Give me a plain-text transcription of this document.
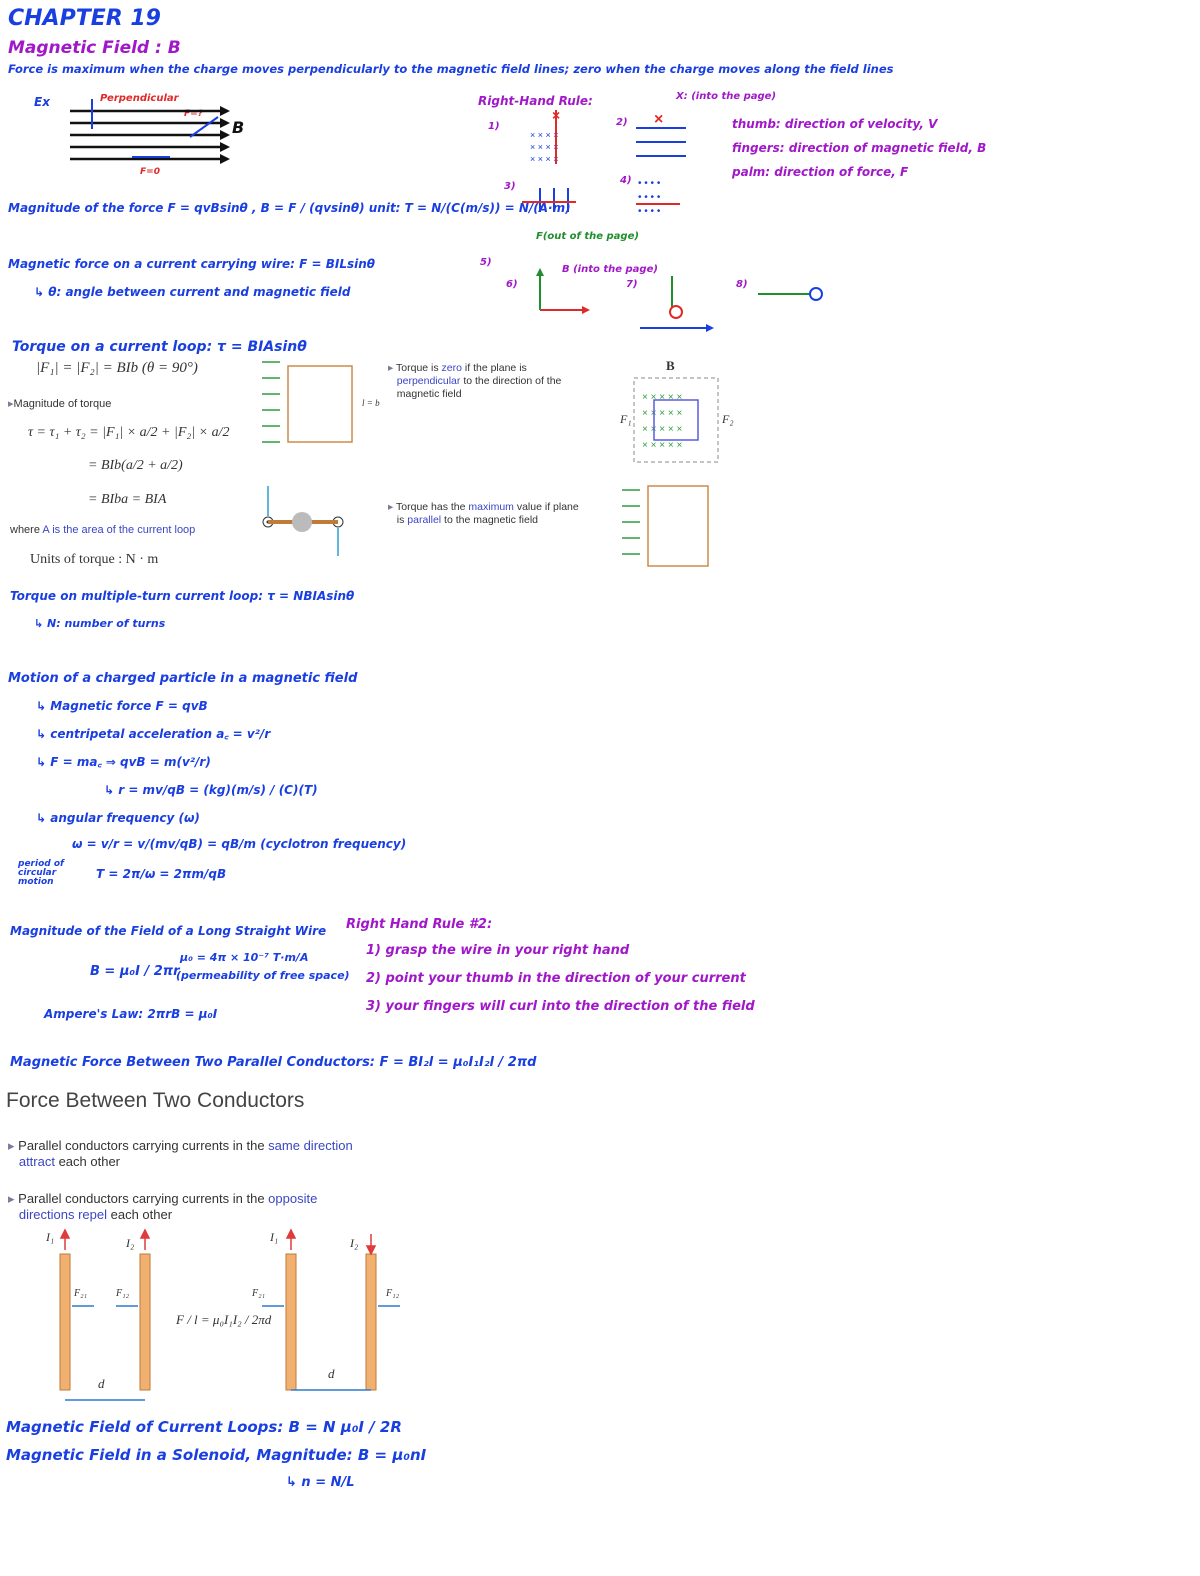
CHAPTER 19
Magnetic Field : B
Force is maximum when the charge moves perpendicularly to the magnetic field lines; zero when the charge moves along the field lines
Ex	Perpendicular
F=?
F=0
B
Magnitude of the force F = qvBsinθ , B = F / (qvsinθ) unit: T = N/(C(m/s)) = N/(A·m)
Magnetic force on a current carrying wire: F = BILsinθ
↳ θ: angle between current and magnetic field
Right-Hand Rule:	X: (into the page)
thumb: direction of velocity, V
fingers: direction of magnetic field, B
palm: direction of force, F
F(out of the page)
B (into the page)
1)	2)
3)
4)
5)
6)	7)	8)
× × × ×
× × × ×
× × × ×
×	×
• • • •
• • • •
• • • •
Torque on a current loop: τ = BIAsinθ
|F₁| = |F₂| = BIb (θ = 90°)
▸ Magnitude of torque
τ = τ₁ + τ₂ = |F₁| × a/2 + |F₂| × a/2
= BIb(a/2 + a/2)
= BIba = BIA
where A is the area of the current loop
Units of torque : N · m
l = b
▸ Torque is zero if the plane is
perpendicular to the direction of the
magnetic field
▸ Torque has the maximum value if plane
is parallel to the magnetic field
B
F₁	F₂
× × × × ×
× × × × ×
× × × × ×
× × × × ×
Torque on multiple-turn current loop: τ = NBIAsinθ
↳ N: number of turns
Motion of a charged particle in a magnetic field
↳ Magnetic force F = qvB
↳ centripetal acceleration a꜀ = v²/r
↳ F = ma꜀ ⇒ qvB = m(v²/r)
↳ r = mv/qB = (kg)(m/s) / (C)(T)
↳ angular frequency (ω)
ω = v/r = v/(mv/qB) = qB/m (cyclotron frequency)
T = 2π/ω = 2πm/qB
period of circular motion
Magnitude of the Field of a Long Straight Wire
μ₀ = 4π × 10⁻⁷ T·m/A
(permeability of free space)
B = μ₀I / 2πr
Ampere's Law: 2πrB = μ₀I
Right Hand Rule #2:
1) grasp the wire in your right hand
2) point your thumb in the direction of your current
3) your fingers will curl into the direction of the field
Magnetic Force Between Two Parallel Conductors: F = BI₂l = μ₀I₁I₂l / 2πd
Force Between Two Conductors
▸ Parallel conductors carrying currents in the same direction
attract each other
▸ Parallel conductors carrying currents in the opposite
directions repel each other
I₁	I₂	I₁	I₂
F₂₁	F₁₂	F₂₁	F₁₂
F / l = μ₀I₁I₂ / 2πd
d
d
Magnetic Field of Current Loops: B = N μ₀I / 2R
Magnetic Field in a Solenoid, Magnitude: B = μ₀nI
↳ n = N/L
